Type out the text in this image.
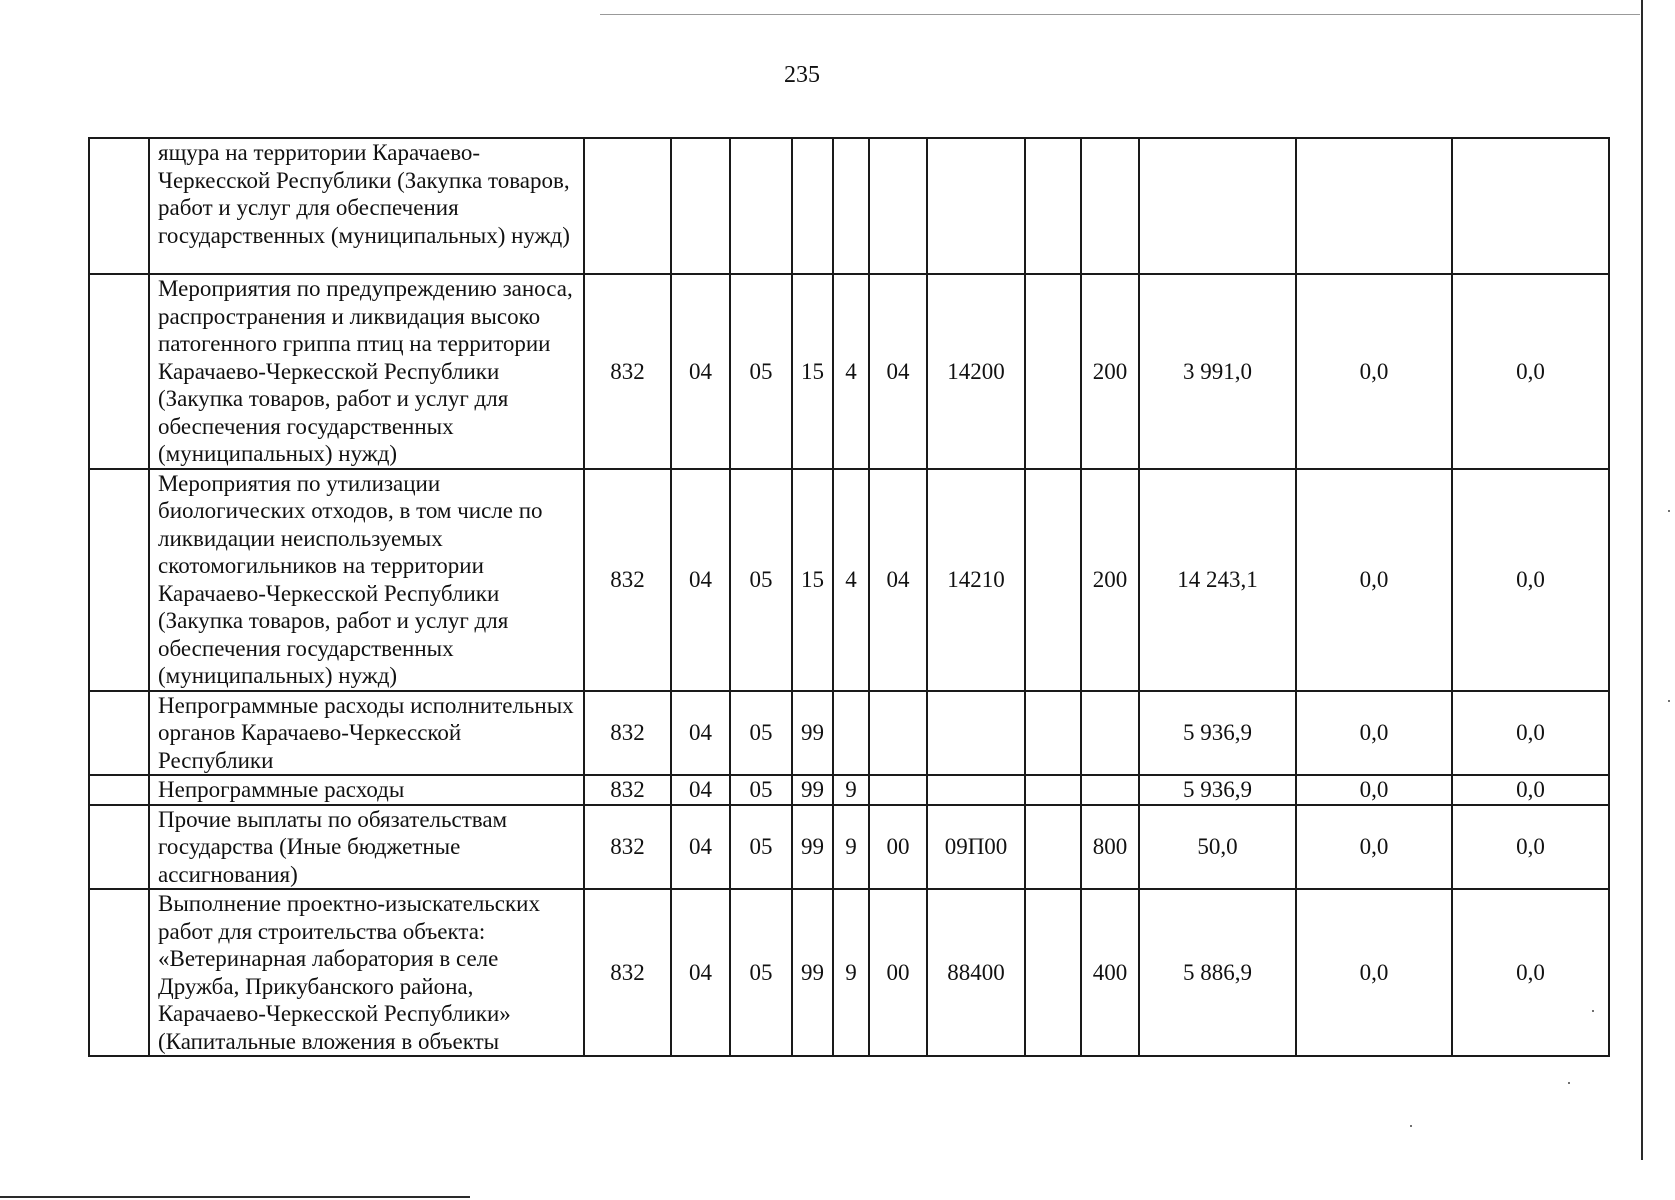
235
	ящура на территории Карачаево-Черкесской Республики (Закупка товаров, работ и услуг для обеспечения государственных (муниципальных) нужд)												
	Мероприятия по предупреждению заноса, распространения и ликвидация высоко патогенного гриппа птиц на территории Карачаево-Черкесской Республики (Закупка товаров, работ и услуг для обеспечения государственных (муниципальных) нужд)	832	04	05	15	4	04	14200		200	3 991,0	0,0	0,0
	Мероприятия по утилизации биологических отходов, в том числе по ликвидации неиспользуемых скотомогильников на территории Карачаево-Черкесской Республики (Закупка товаров, работ и услуг для обеспечения государственных (муниципальных) нужд)	832	04	05	15	4	04	14210		200	14 243,1	0,0	0,0
	Непрограммные расходы исполнительных органов Карачаево-Черкесской Республики	832	04	05	99						5 936,9	0,0	0,0
	Непрограммные расходы	832	04	05	99	9					5 936,9	0,0	0,0
	Прочие выплаты по обязательствам государства (Иные бюджетные ассигнования)	832	04	05	99	9	00	09П00		800	50,0	0,0	0,0
	Выполнение проектно-изыскательских работ для строительства объекта: «Ветеринарная лаборатория в селе Дружба, Прикубанского района, Карачаево-Черкесской Республики» (Капитальные вложения в объекты	832	04	05	99	9	00	88400		400	5 886,9	0,0	0,0
